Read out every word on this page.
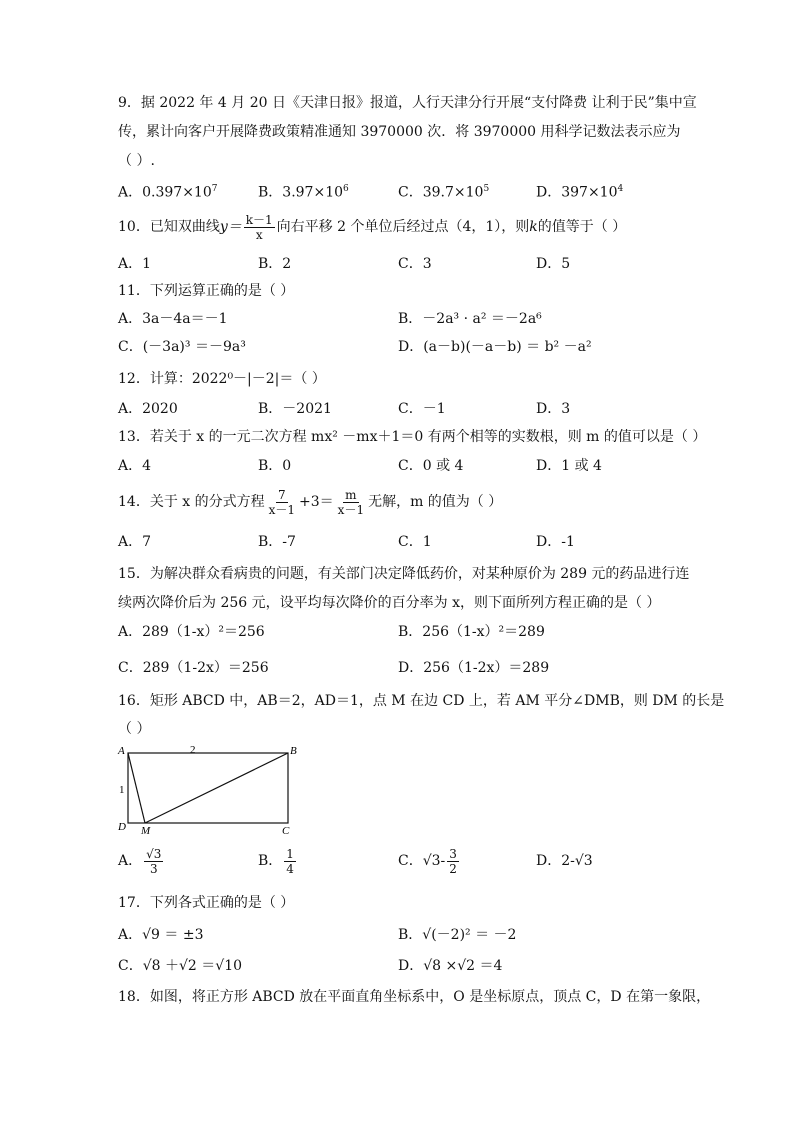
9．据 2022 年 4 月 20 日《天津日报》报道，人行天津分行开展“支付降费 让利于民”集中宣
传，累计向客户开展降费政策精准通知 3970000 次．将 3970000 用科学记数法表示应为
（ ）.
A．$0.397\times 10^7$	B．$3.97\times 10^6$	C．$39.7\times 10^5$	D．$397\times 10^4$
10．已知双曲线$y= \frac{k-1}{x}$ 向右平移 2 个单位后经过点（4，1），则k的值等于（ ）
A．1	B．2	C．3	D．5
11．下列运算正确的是（ ）
A．3a－4a＝－1	B．－2a³ · a² ＝－2a⁶
C．(－3a)³ ＝－9a³	D．(a－b)(－a－b) ＝ b² －a²
12．计算：2022⁰－|－2|＝（ ）
A．2020	B．－2021	C．－1	D．3
13．若关于 x 的一元二次方程 mx² －mx＋1＝0 有两个相等的实数根，则 m 的值可以是（ ）
A．4	B．0	C．0 或 4	D．1 或 4
14．关于 x 的分式方程 $\frac{7}{x-1} +3= \frac{m}{x-1}$ 无解，m 的值为（ ）
A．7	B．-7	C．1	D．-1
15．为解决群众看病贵的问题，有关部门决定降低药价，对某种原价为 289 元的药品进行连
续两次降价后为 256 元，设平均每次降价的百分率为 x，则下面所列方程正确的是（ ）
A．289（1-x）²＝256	B．256（1-x）²＝289
C．289（1-2x）＝256	D．256（1-2x）＝289
16．矩形 ABCD 中，AB＝2，AD＝1，点 M 在边 CD 上，若 AM 平分∠DMB，则 DM 的长是
（ ）
A	B
C
D M
2
1
A． $\frac{√3}{3}$	B． $\frac{1}{4}$	C．$√3- \frac{3}{2}$	D．2-√3
17．下列各式正确的是（ ）
A．√9 ＝ ±3	B．√(－2)² ＝ －2
C．√8 ＋√2 ＝√10	D．√8 ×√2 ＝4
18．如图，将正方形 ABCD 放在平面直角坐标系中，O 是坐标原点，顶点 C，D 在第一象限，
